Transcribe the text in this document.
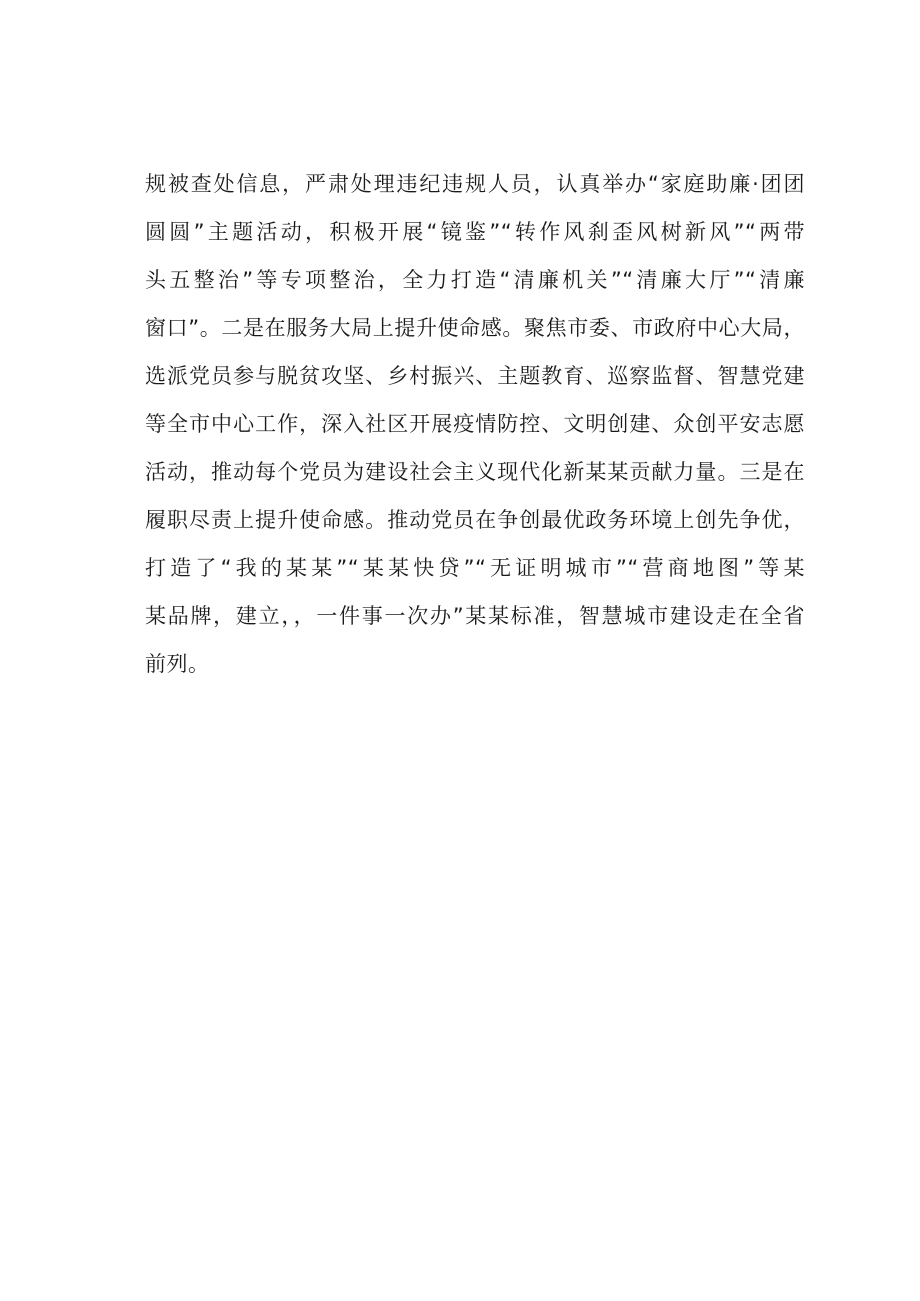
规被查处信息，严肃处理违纪违规人员，认真举办“家庭助廉·团团
圆圆”主题活动，积极开展“镜鉴”“转作风刹歪风树新风”“两带
头五整治”等专项整治，全力打造“清廉机关”“清廉大厅”“清廉
窗口”。二是在服务大局上提升使命感。聚焦市委、市政府中心大局，
选派党员参与脱贫攻坚、乡村振兴、主题教育、巡察监督、智慧党建
等全市中心工作，深入社区开展疫情防控、文明创建、众创平安志愿
活动，推动每个党员为建设社会主义现代化新某某贡献力量。三是在
履职尽责上提升使命感。推动党员在争创最优政务环境上创先争优，
打造了“我的某某”“某某快贷”“无证明城市”“营商地图”等某
某品牌，建立，，一件事一次办”某某标准，智慧城市建设走在全省
前列。
